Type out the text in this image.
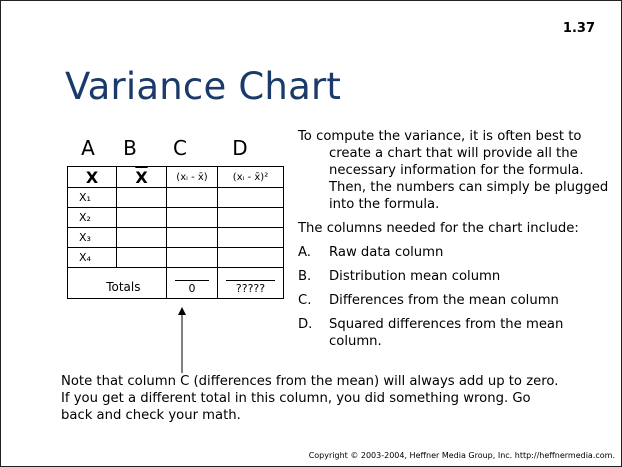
1.37
Variance Chart
A	B	C	D
X	$\overline{X}$	(xᵢ - x̄)	(xᵢ - x̄)²
X₁			
X₂			
X₃			
X₄			
Totals		0	?????

To compute the variance, it is often best to create a chart that will provide all the necessary information for the formula. Then, the numbers can simply be plugged into the formula.

The columns needed for the chart include:

A.	Raw data column
B.	Distribution mean column
C.	Differences from the mean column
D.	Squared differences from the mean column.
Note that column C (differences from the mean) will always add up to zero. If you get a different total in this column, you did something wrong. Go back and check your math.
Copyright © 2003-2004, Heffner Media Group, Inc. http://heffnermedia.com.
